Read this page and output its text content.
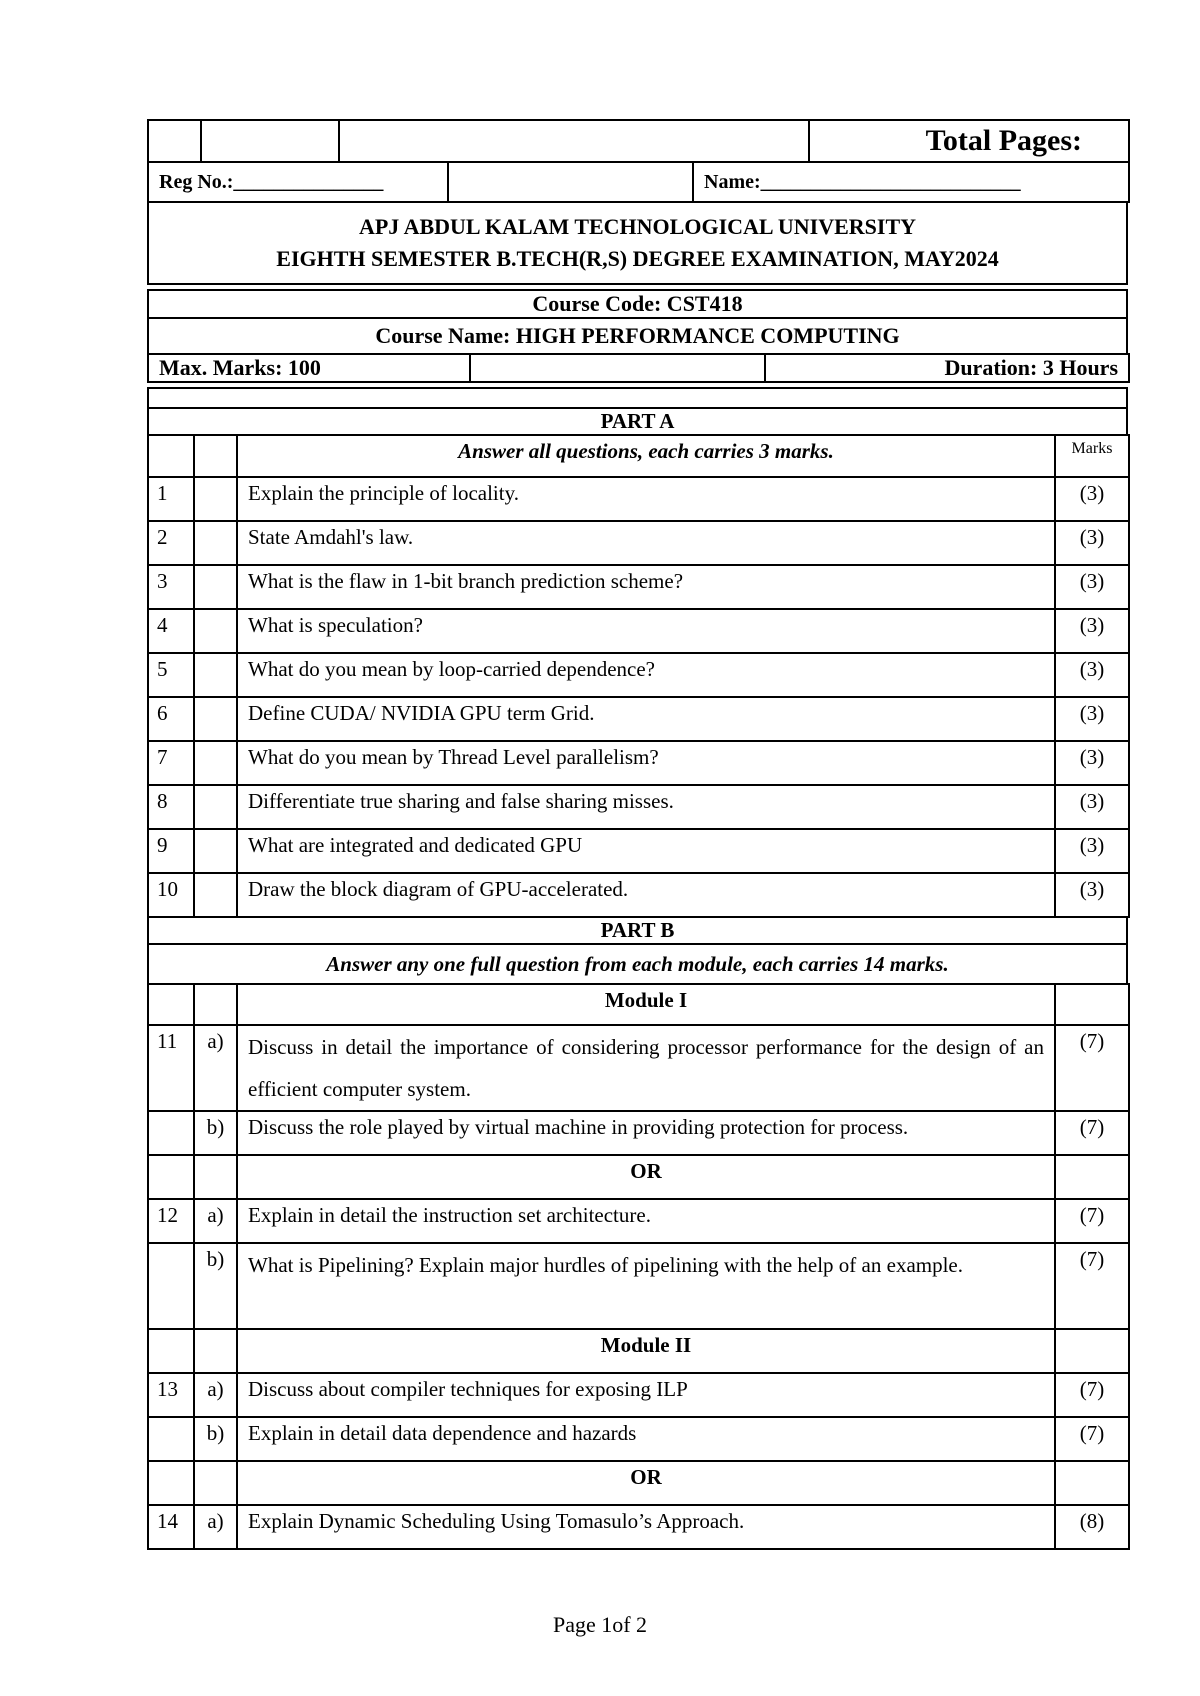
			Total Pages:
Reg No.:_______________		Name:__________________________
APJ ABDUL KALAM TECHNOLOGICAL UNIVERSITY
EIGHTH SEMESTER B.TECH(R,S) DEGREE EXAMINATION, MAY2024
Course Code: CST418
Course Name: HIGH PERFORMANCE COMPUTING
Max. Marks: 100		Duration: 3 Hours
PART A
		Answer all questions, each carries 3 marks.	Marks
1		Explain the principle of locality.	(3)
2		State Amdahl's law.	(3)
3		What is the flaw in 1-bit branch prediction scheme?	(3)
4		What is speculation?	(3)
5		What do you mean by loop-carried dependence?	(3)
6		Define CUDA/ NVIDIA GPU term Grid.	(3)
7		What do you mean by Thread Level parallelism?	(3)
8		Differentiate true sharing and false sharing misses.	(3)
9		What are integrated and dedicated GPU	(3)
10		Draw the block diagram of GPU-accelerated.	(3)
PART B
Answer any one full question from each module, each carries 14 marks.
		Module I	
11	a)	Discuss in detail the importance of considering processor performance for the design of an efficient computer system.	(7)
	b)	Discuss the role played by virtual machine in providing protection for process.	(7)
		OR	
12	a)	Explain in detail the instruction set architecture.	(7)
	b)	What is Pipelining? Explain major hurdles of pipelining with the help of an example.	(7)
		Module II	
13	a)	Discuss about compiler techniques for exposing ILP	(7)
	b)	Explain in detail data dependence and hazards	(7)
		OR	
14	a)	Explain Dynamic Scheduling Using Tomasulo’s Approach.	(8)
Page 1of 2
